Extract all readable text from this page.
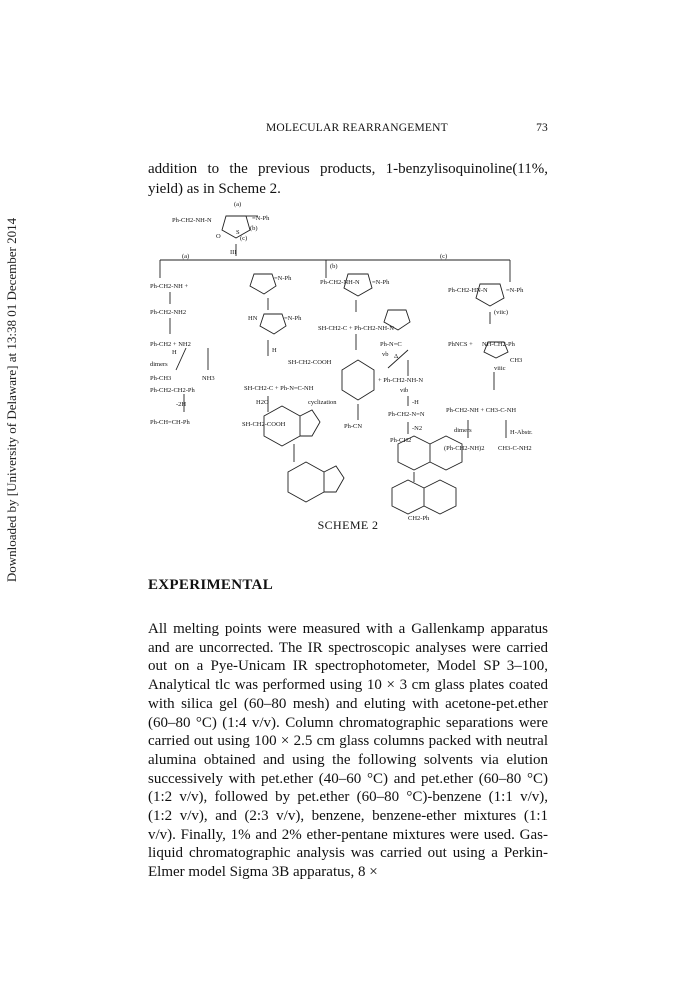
Downloaded by [University of Delaware] at 13:38 01 December 2014
MOLECULAR REARRANGEMENT	73
addition to the previous products, 1-benzylisoquinoline(11%, yield) as in Scheme 2.
(a)
Ph-CH2-NH-N	=N-Ph
S
(b)
(c)
O
III
(a)
(b)
(c)
Ph-CH2-NH +
Ph-CH2-NH2
Ph-CH2 + NH2
dimers
Ph-CH3	NH3
Ph-CH2-CH2-Ph
-2H
Ph-CH=CH-Ph
=N-Ph
HN	=N-Ph
SH-CH2-COOH
SH-CH2-C + Ph-N=C-NH
H2O
SH-CH2-COOH
cyclization
Ph-CH2-NH-N =N-Ph
SH-CH2-C + Ph-CH2-NH-N
Ph-N=C
vb
+ Ph-CH2-NH-N
vib
-H
Ph-CH2-N=N
-N2
Ph-CH2
Ph-CN
CH2-Ph
Ph-CH2-HN-N	=N-Ph
(viic)
PhNCS + NH-CH2-Ph
CH3
viiic
Ph-CH2-NH + CH3-C-NH
dimers	H-Abstr.
(Ph-CH2-NH)2 CH3-C-NH2
H	H
Δ
SCHEME 2
EXPERIMENTAL
All melting points were measured with a Gallenkamp apparatus and are uncorrected. The IR spectroscopic analyses were carried out on a Pye-Unicam IR spectrophotometer, Model SP 3–100, Analytical tlc was performed using 10 × 3 cm glass plates coated with silica gel (60–80 mesh) and eluting with acetone-pet.ether (60–80 °C) (1:4 v/v). Column chromatographic separations were carried out using 100 × 2.5 cm glass columns packed with neutral alumina obtained and using the following solvents via elution successively with pet.ether (40–60 °C) and pet.ether (60–80 °C) (1:2 v/v), followed by pet.ether (60–80 °C)-benzene (1:1 v/v), (1:2 v/v), and (2:3 v/v), benzene, benzene-ether mixtures (1:1 v/v). Finally, 1% and 2% ether-pentane mixtures were used. Gas-liquid chromatographic analysis was carried out using a Perkin-Elmer model Sigma 3B apparatus, 8 ×
